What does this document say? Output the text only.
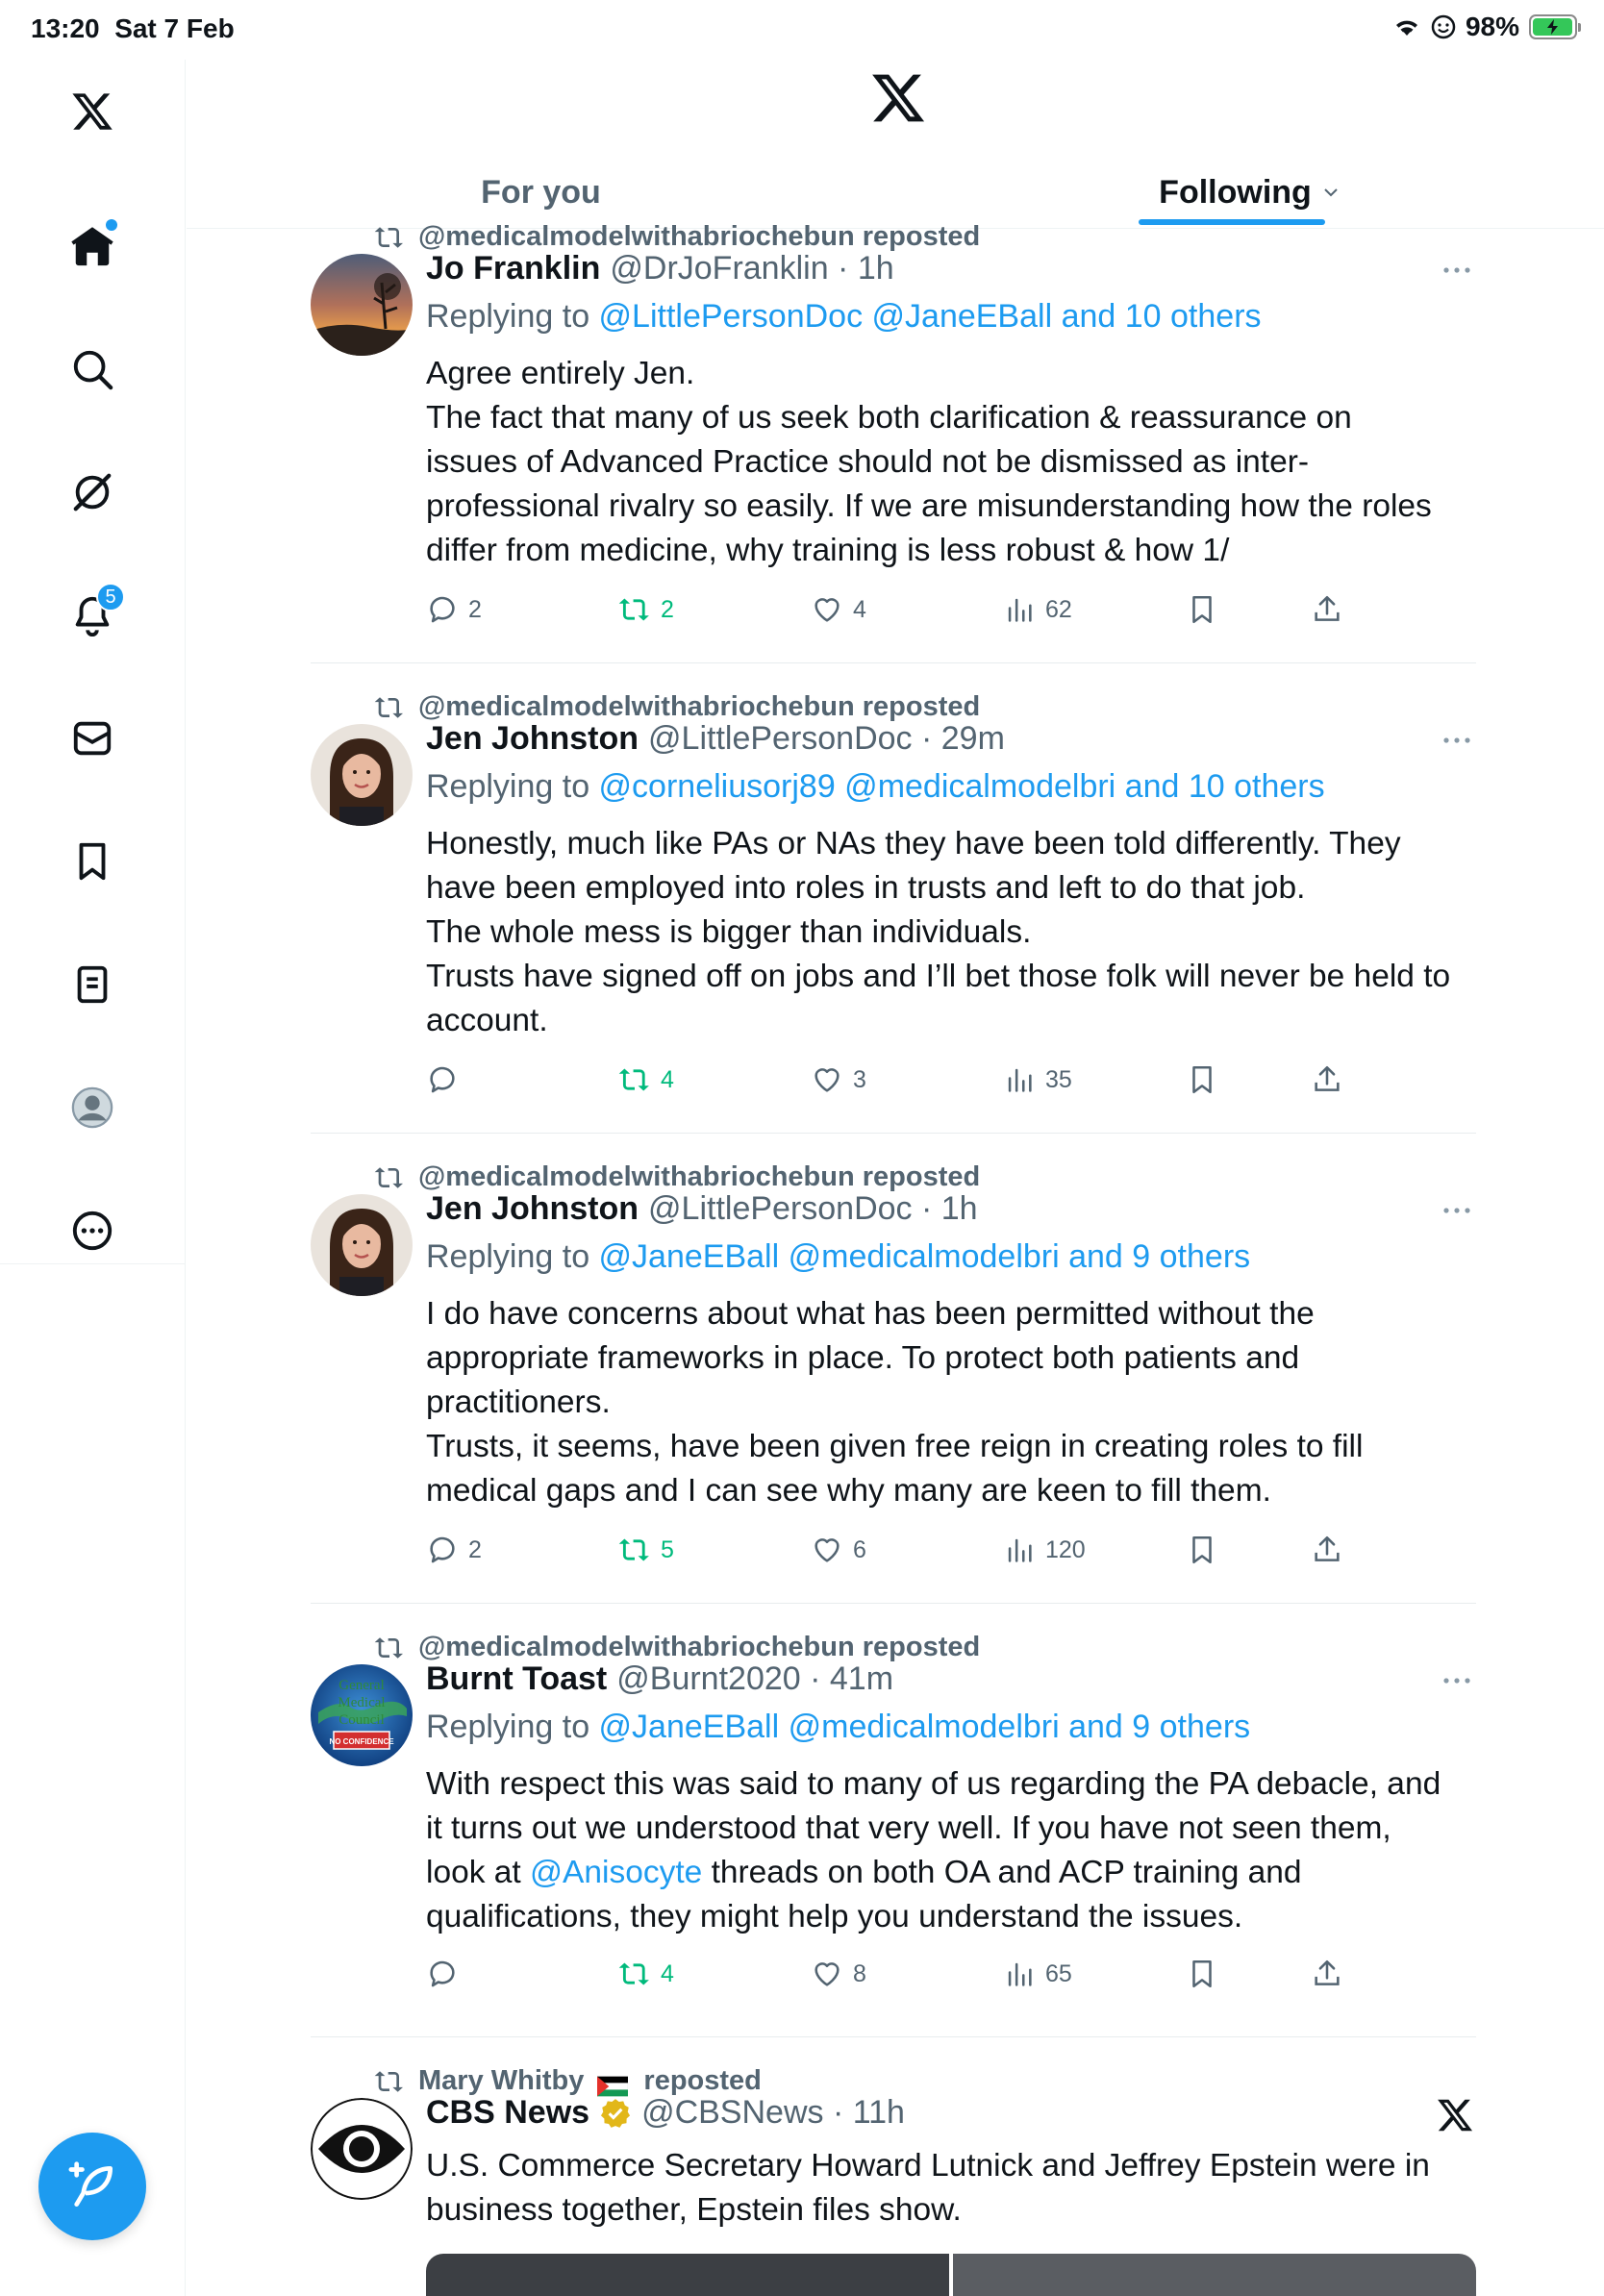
13:20 Sat 7 Feb	98%
5
For you	Following
@medicalmodelwithabriochebun reposted
Jo Franklin @DrJoFranklin · 1h
Replying to @LittlePersonDoc @JaneEBall and 10 others
Agree entirely Jen.
The fact that many of us seek both clarification & reassurance on
issues of Advanced Practice should not be dismissed as inter-
professional rivalry so easily. If we are misunderstanding how the roles
differ from medicine, why training is less robust & how 1/
2	2	4	62
@medicalmodelwithabriochebun reposted
Jen Johnston @LittlePersonDoc · 29m
Replying to @corneliusorj89 @medicalmodelbri and 10 others
Honestly, much like PAs or NAs they have been told differently. They
have been employed into roles in trusts and left to do that job.
The whole mess is bigger than individuals.
Trusts have signed off on jobs and I’ll bet those folk will never be held to
account.
4	3	35
@medicalmodelwithabriochebun reposted
Jen Johnston @LittlePersonDoc · 1h
Replying to @JaneEBall @medicalmodelbri and 9 others
I do have concerns about what has been permitted without the
appropriate frameworks in place. To protect both patients and
practitioners.
Trusts, it seems, have been given free reign in creating roles to fill
medical gaps and I can see why many are keen to fill them.
2	5	6	120
@medicalmodelwithabriochebun reposted
General
Medical
Council
NO CONFIDENCE
Burnt Toast @Burnt2020 · 41m
Replying to @JaneEBall @medicalmodelbri and 9 others
With respect this was said to many of us regarding the PA debacle, and
it turns out we understood that very well. If you have not seen them,
look at @Anisocyte threads on both OA and ACP training and
qualifications, they might help you understand the issues.
4	8	65
Mary Whitby reposted
CBS News @CBSNews · 11h
U.S. Commerce Secretary Howard Lutnick and Jeffrey Epstein were in
business together, Epstein files show.
